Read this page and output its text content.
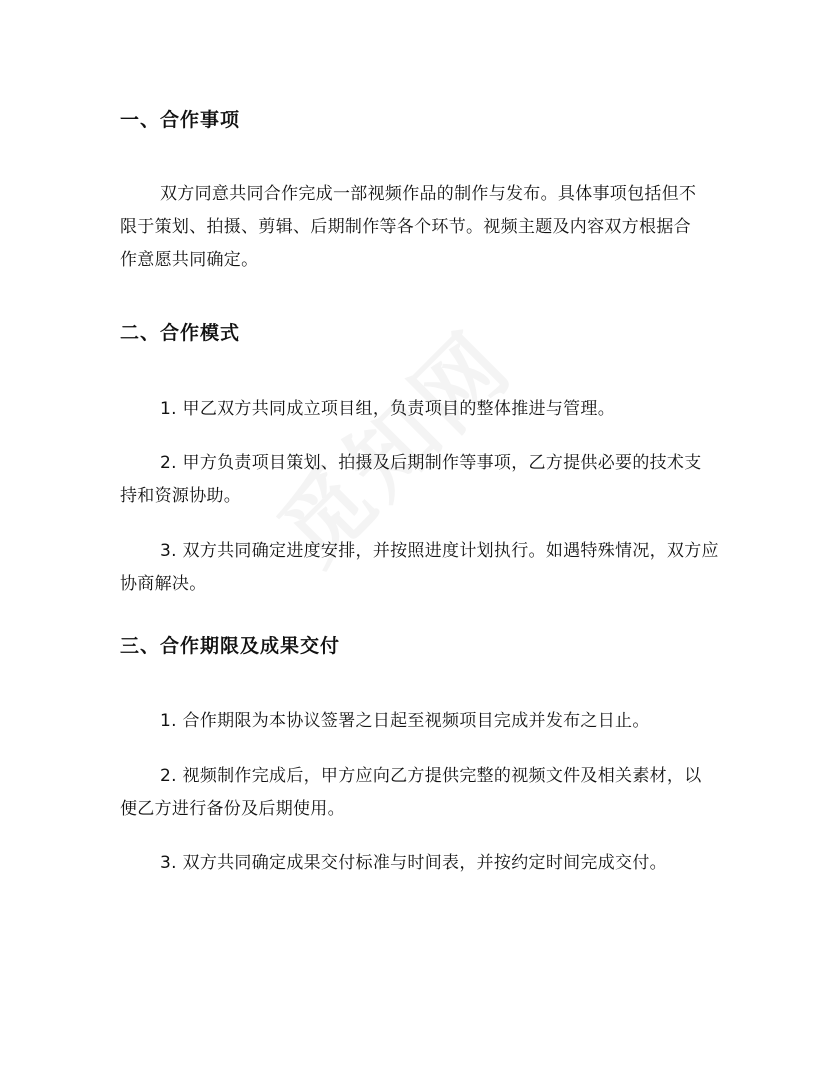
一、合作事项
双方同意共同合作完成一部视频作品的制作与发布。具体事项包括但不限于策划、拍摄、剪辑、后期制作等各个环节。视频主题及内容双方根据合作意愿共同确定。
二、合作模式
1. 甲乙双方共同成立项目组，负责项目的整体推进与管理。
2. 甲方负责项目策划、拍摄及后期制作等事项，乙方提供必要的技术支持和资源协助。
3. 双方共同确定进度安排，并按照进度计划执行。如遇特殊情况，双方应协商解决。
三、合作期限及成果交付
1. 合作期限为本协议签署之日起至视频项目完成并发布之日止。
2. 视频制作完成后，甲方应向乙方提供完整的视频文件及相关素材，以便乙方进行备份及后期使用。
3. 双方共同确定成果交付标准与时间表，并按约定时间完成交付。
